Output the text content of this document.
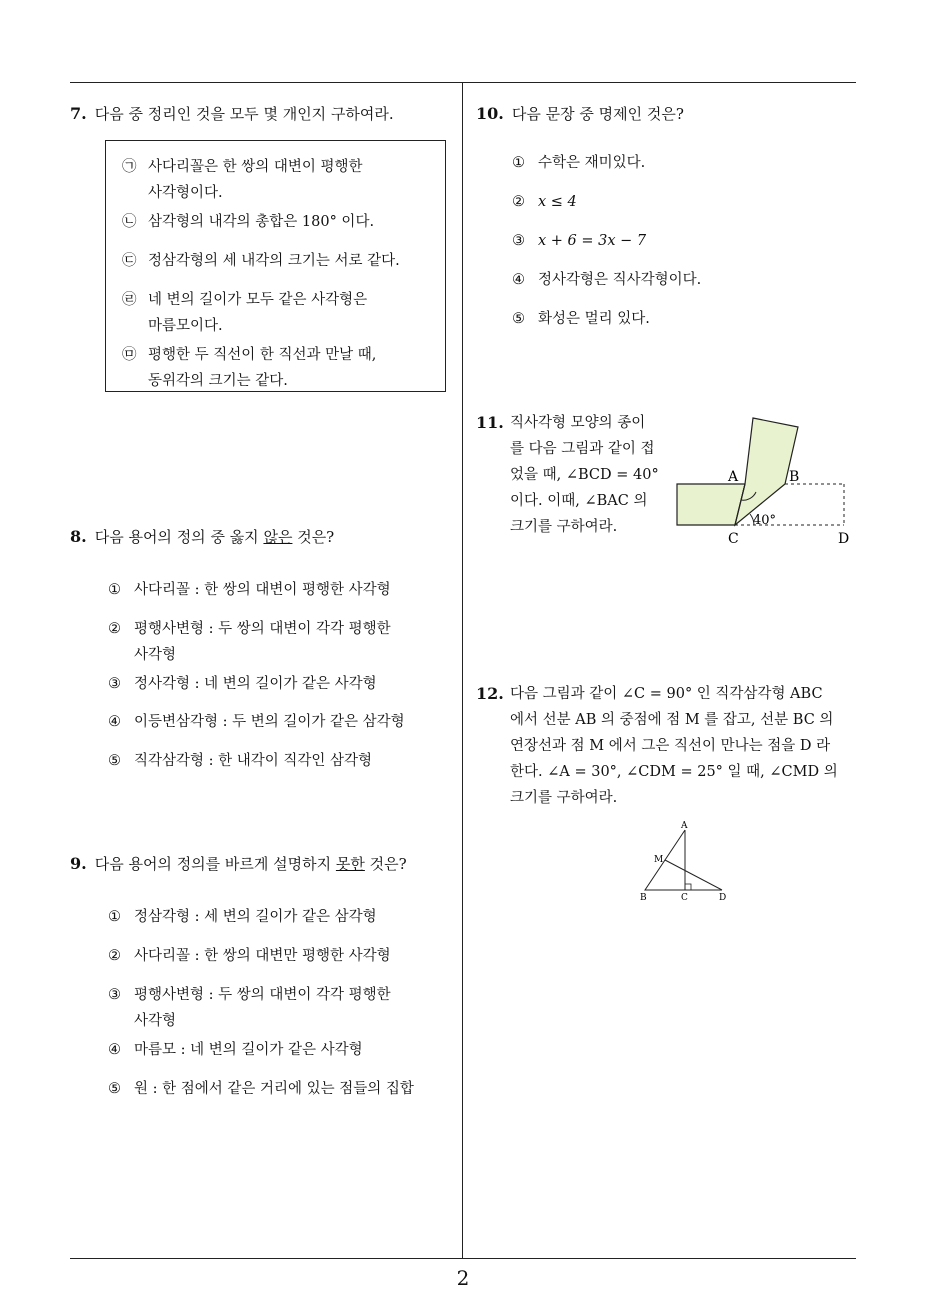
2
7. 다음 중 정리인 것을 모두 몇 개인지 구하여라.
㉠ 사다리꼴은 한 쌍의 대변이 평행한
사각형이다.
㉡ 삼각형의 내각의 총합은 180° 이다.
㉢ 정삼각형의 세 내각의 크기는 서로 같다.
㉣ 네 변의 길이가 모두 같은 사각형은
마름모이다.
㉤ 평행한 두 직선이 한 직선과 만날 때,
동위각의 크기는 같다.
8. 다음 용어의 정의 중 옳지 않은 것은?
① 사다리꼴 : 한 쌍의 대변이 평행한 사각형
② 평행사변형 : 두 쌍의 대변이 각각 평행한
사각형
③ 정사각형 : 네 변의 길이가 같은 사각형
④ 이등변삼각형 : 두 변의 길이가 같은 삼각형
⑤ 직각삼각형 : 한 내각이 직각인 삼각형
9. 다음 용어의 정의를 바르게 설명하지 못한 것은?
① 정삼각형 : 세 변의 길이가 같은 삼각형
② 사다리꼴 : 한 쌍의 대변만 평행한 사각형
③ 평행사변형 : 두 쌍의 대변이 각각 평행한
사각형
④ 마름모 : 네 변의 길이가 같은 사각형
⑤ 원 : 한 점에서 같은 거리에 있는 점들의 집합
10. 다음 문장 중 명제인 것은?
① 수학은 재미있다.
② x ≤ 4
③ x + 6 = 3x − 7
④ 정사각형은 직사각형이다.
⑤ 화성은 멀리 있다.
11. 직사각형 모양의 종이
를 다음 그림과 같이 접
었을 때, ∠BCD = 40°
이다. 이때, ∠BAC 의
크기를 구하여라.
A	B
C	D
40°
12. 다음 그림과 같이 ∠C = 90° 인 직각삼각형 ABC
에서 선분 AB 의 중점에 점 M 를 잡고, 선분 BC 의
연장선과 점 M 에서 그은 직선이 만나는 점을 D 라
한다. ∠A = 30°, ∠CDM = 25° 일 때, ∠CMD 의
크기를 구하여라.
A
M
B	C	D
